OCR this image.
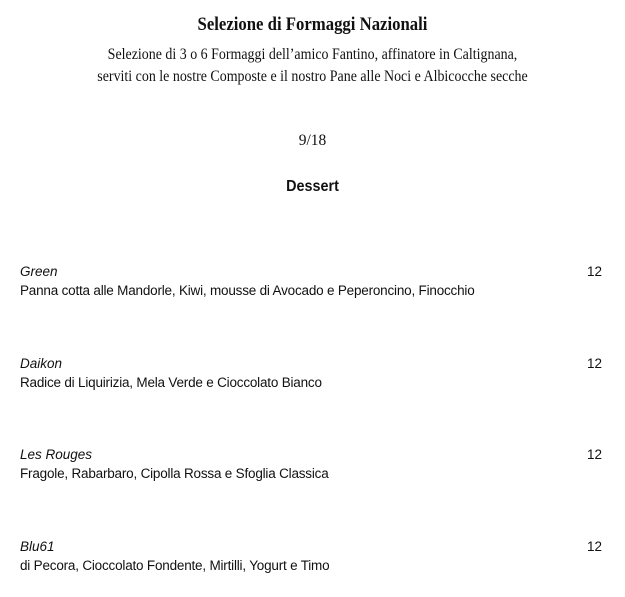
Selezione di Formaggi Nazionali
Selezione di 3 o 6 Formaggi dell’amico Fantino, affinatore in Caltignana,
serviti con le nostre Composte e il nostro Pane alle Noci e Albicocche secche
9/18
Dessert
Green
Panna cotta alle Mandorle, Kiwi, mousse di Avocado e Peperoncino, Finocchio
12
Daikon
Radice di Liquirizia, Mela Verde e Cioccolato Bianco
12
Les Rouges
Fragole, Rabarbaro, Cipolla Rossa e Sfoglia Classica
12
Blu61
di Pecora, Cioccolato Fondente, Mirtilli, Yogurt e Timo
12
